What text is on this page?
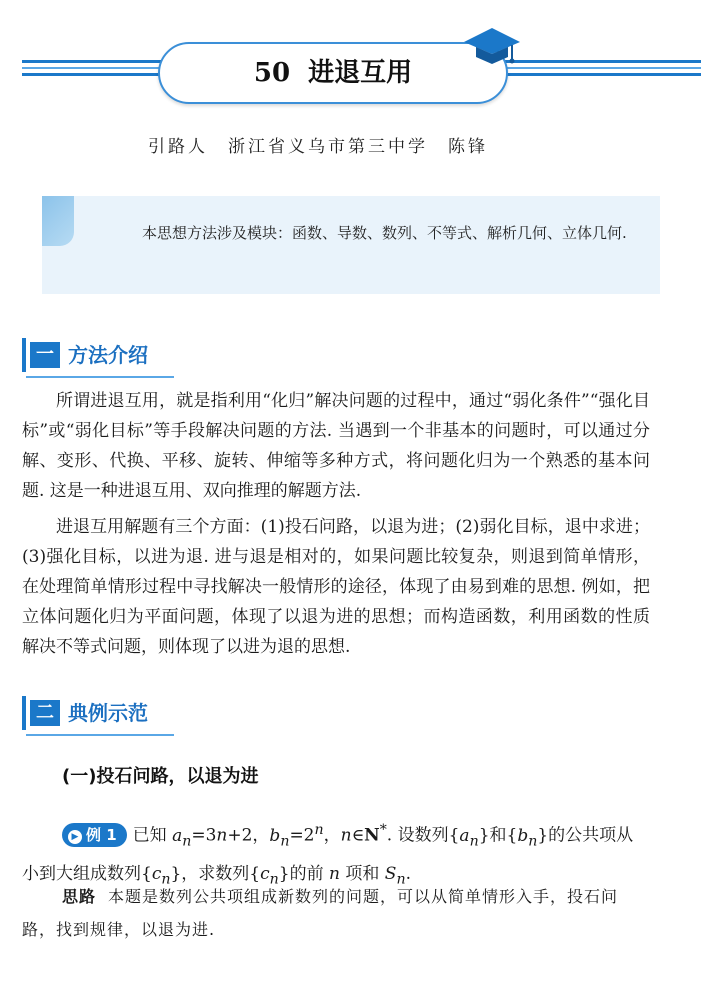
50 进退互用
引路人　浙江省义乌市第三中学　陈锋
本思想方法涉及模块：函数、导数、数列、不等式、解析几何、立体几何.
一 方法介绍
所谓进退互用，就是指利用“化归”解决问题的过程中，通过“弱化条件”“强化目标”或“弱化目标”等手段解决问题的方法. 当遇到一个非基本的问题时，可以通过分解、变形、代换、平移、旋转、伸缩等多种方式，将问题化归为一个熟悉的基本问题. 这是一种进退互用、双向推理的解题方法.
进退互用解题有三个方面：(1)投石问路，以退为进；(2)弱化目标，退中求进；(3)强化目标，以进为退. 进与退是相对的，如果问题比较复杂，则退到简单情形，在处理简单情形过程中寻找解决一般情形的途径，体现了由易到难的思想. 例如，把立体问题化归为平面问题，体现了以退为进的思想；而构造函数，利用函数的性质解决不等式问题，则体现了以进为退的思想.
二 典例示范
(一)投石问路，以退为进
▶ 例 1 已知 $a_n=3n+2$，$b_n=2^n$，n∈N*. 设数列$\{a_n\}$和$\{b_n\}$的公共项从小到大组成数列$\{c_n\}$，求数列$\{c_n\}$的前 n 项和 $S_n$.
思路 本题是数列公共项组成新数列的问题，可以从简单情形入手，投石问路，找到规律，以退为进.
